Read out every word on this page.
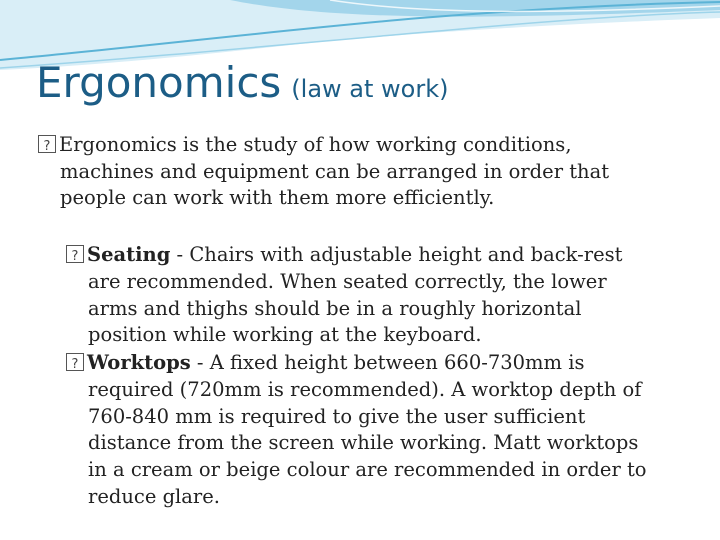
Ergonomics (law at work)
?Ergonomics is the study of how working conditions,
machines and equipment can be arranged in order that
people can work with them more efficiently.
?Seating - Chairs with adjustable height and back-rest
are recommended. When seated correctly, the lower
arms and thighs should be in a roughly horizontal
position while working at the keyboard.
?Worktops - A fixed height between 660-730mm is
required (720mm is recommended). A worktop depth of
760-840 mm is required to give the user sufficient
distance from the screen while working. Matt worktops
in a cream or beige colour are recommended in order to
reduce glare.
